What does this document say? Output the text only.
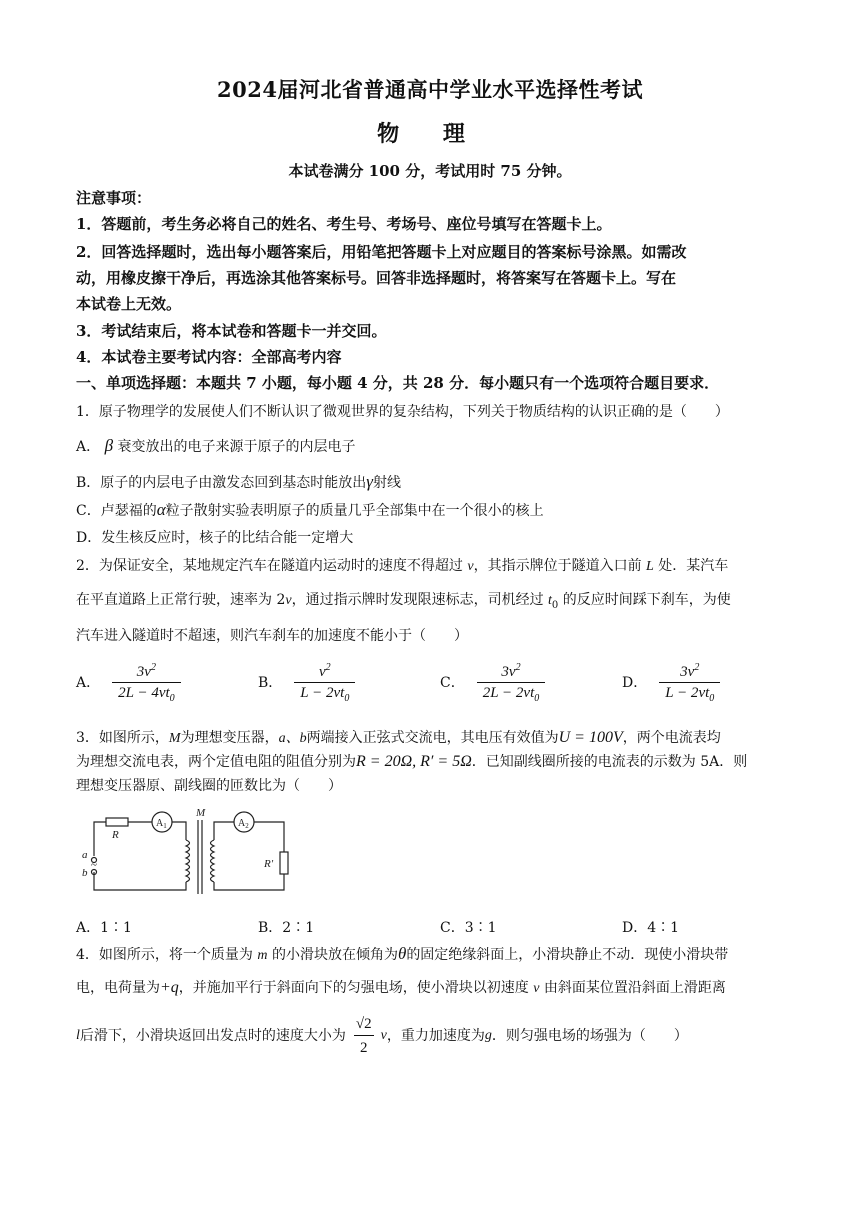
2024届河北省普通高中学业水平选择性考试
物 理
本试卷满分 100 分，考试用时 75 分钟。
注意事项：
1．答题前，考生务必将自己的姓名、考生号、考场号、座位号填写在答题卡上。
2．回答选择题时，选出每小题答案后，用铅笔把答题卡上对应题目的答案标号涂黑。如需改
动，用橡皮擦干净后，再选涂其他答案标号。回答非选择题时，将答案写在答题卡上。写在
本试卷上无效。
3．考试结束后，将本试卷和答题卡一并交回。
4．本试卷主要考试内容：全部高考内容
一、单项选择题：本题共 7 小题，每小题 4 分，共 28 分．每小题只有一个选项符合题目要求．
1．原子物理学的发展使人们不断认识了微观世界的复杂结构，下列关于物质结构的认识正确的是（　　）
A． β 衰变放出的电子来源于原子的内层电子
B．原子的内层电子由激发态回到基态时能放出γ射线
C．卢瑟福的α粒子散射实验表明原子的质量几乎全部集中在一个很小的核上
D．发生核反应时，核子的比结合能一定增大
2．为保证安全，某地规定汽车在隧道内运动时的速度不得超过 v，其指示牌位于隧道入口前 L 处．某汽车
在平直道路上正常行驶，速率为 2v，通过指示牌时发现限速标志，司机经过 $t_0$ 的反应时间踩下刹车，为使
汽车进入隧道时不超速，则汽车刹车的加速度不能小于（　　）
A． $\frac{3v^2}{2L - 4vt_0}$	B． $\frac{v^2}{L - 2vt_0}$	C． $\frac{3v^2}{2L - 2vt_0}$	D． $\frac{3v^2}{L - 2vt_0}$
3．如图所示，M为理想变压器，a、b两端接入正弦式交流电，其电压有效值为U = 100V，两个电流表均
为理想交流电表，两个定值电阻的阻值分别为R = 20Ω, R′ = 5Ω．已知副线圈所接的电流表的示数为 5A．则
理想变压器原、副线圈的匝数比为（　　）
R
$A_1$
M
$A_2$
R′
a
b
~
A．1∶1	B．2∶1	C．3∶1	D．4∶1
4．如图所示，将一个质量为 m 的小滑块放在倾角为θ的固定绝缘斜面上，小滑块静止不动．现使小滑块带
电，电荷量为+q，并施加平行于斜面向下的匀强电场，使小滑块以初速度 v 由斜面某位置沿斜面上滑距离
l 后滑下，小滑块返回出发点时的速度大小为 $\frac{√2}{2}$ v ，重力加速度为 g ．则匀强电场的场强为（　　）
